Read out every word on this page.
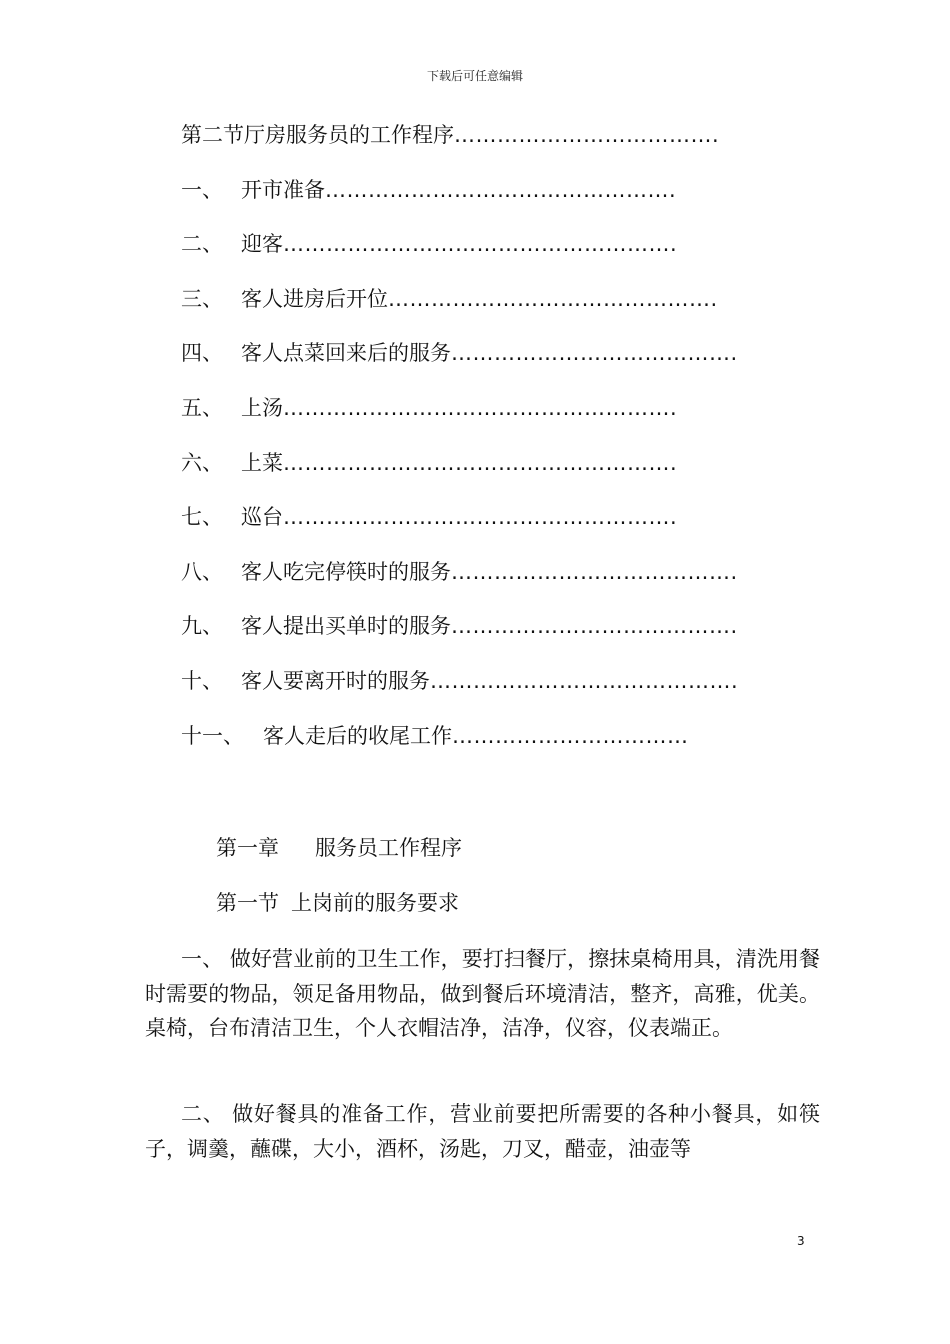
下载后可任意编辑
第二节厅房服务员的工作程序……………………………….
一、 开市准备………………………………………….
二、 迎客……………………………………………….
三、 客人进房后开位……………………………………….
四、 客人点菜回来后的服务………………………………….
五、 上汤……………………………………………….
六、 上菜……………………………………………….
七、 巡台……………………………………………….
八、 客人吃完停筷时的服务………………………………….
九、 客人提出买单时的服务………………………………….
十、 客人要离开时的服务…………………………………….
十一、 客人走后的收尾工作……………………………
第一章 服务员工作程序
第一节 上岗前的服务要求
一、 做好营业前的卫生工作，要打扫餐厅，擦抹桌椅用具，清洗用餐时需要的物品，领足备用物品，做到餐后环境清洁，整齐，高雅，优美。桌椅，台布清洁卫生，个人衣帽洁净，洁净，仪容，仪表端正。
二、 做好餐具的准备工作，营业前要把所需要的各种小餐具，如筷子，调羹，蘸碟，大小，酒杯，汤匙，刀叉，醋壶，油壶等
3
